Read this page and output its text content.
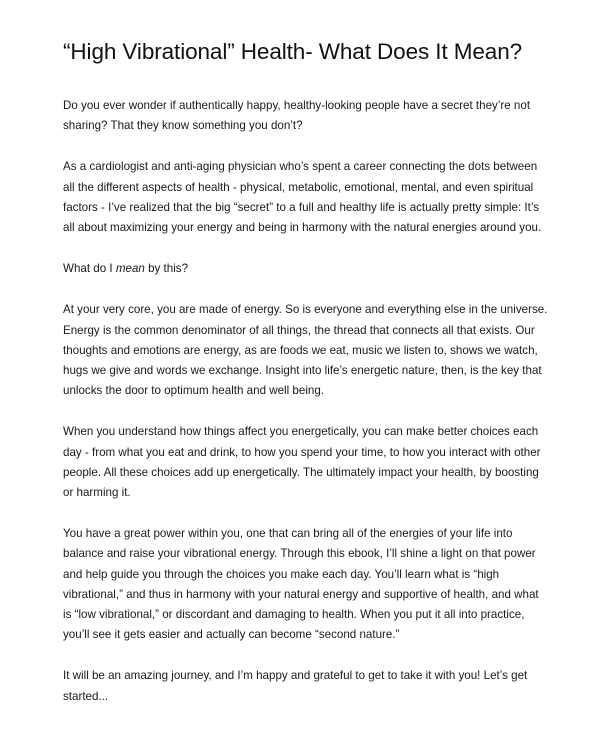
“High Vibrational” Health- What Does It Mean?

Do you ever wonder if authentically happy, healthy-looking people have a secret they’re not sharing? That they know something you don’t?

As a cardiologist and anti-aging physician who’s spent a career connecting the dots between all the different aspects of health - physical, metabolic, emotional, mental, and even spiritual factors - I’ve realized that the big “secret” to a full and healthy life is actually pretty simple: It’s all about maximizing your energy and being in harmony with the natural energies around you.

What do I mean by this?

At your very core, you are made of energy. So is everyone and everything else in the universe. Energy is the common denominator of all things, the thread that connects all that exists. Our thoughts and emotions are energy, as are foods we eat, music we listen to, shows we watch, hugs we give and words we exchange. Insight into life’s energetic nature, then, is the key that unlocks the door to optimum health and well being.

When you understand how things affect you energetically, you can make better choices each day - from what you eat and drink, to how you spend your time, to how you interact with other people. All these choices add up energetically. The ultimately impact your health, by boosting or harming it.

You have a great power within you, one that can bring all of the energies of your life into balance and raise your vibrational energy. Through this ebook, I’ll shine a light on that power and help guide you through the choices you make each day. You’ll learn what is “high vibrational,” and thus in harmony with your natural energy and supportive of health, and what is “low vibrational,” or discordant and damaging to health. When you put it all into practice, you’ll see it gets easier and actually can become “second nature.”

It will be an amazing journey, and I’m happy and grateful to get to take it with you! Let’s get started...
